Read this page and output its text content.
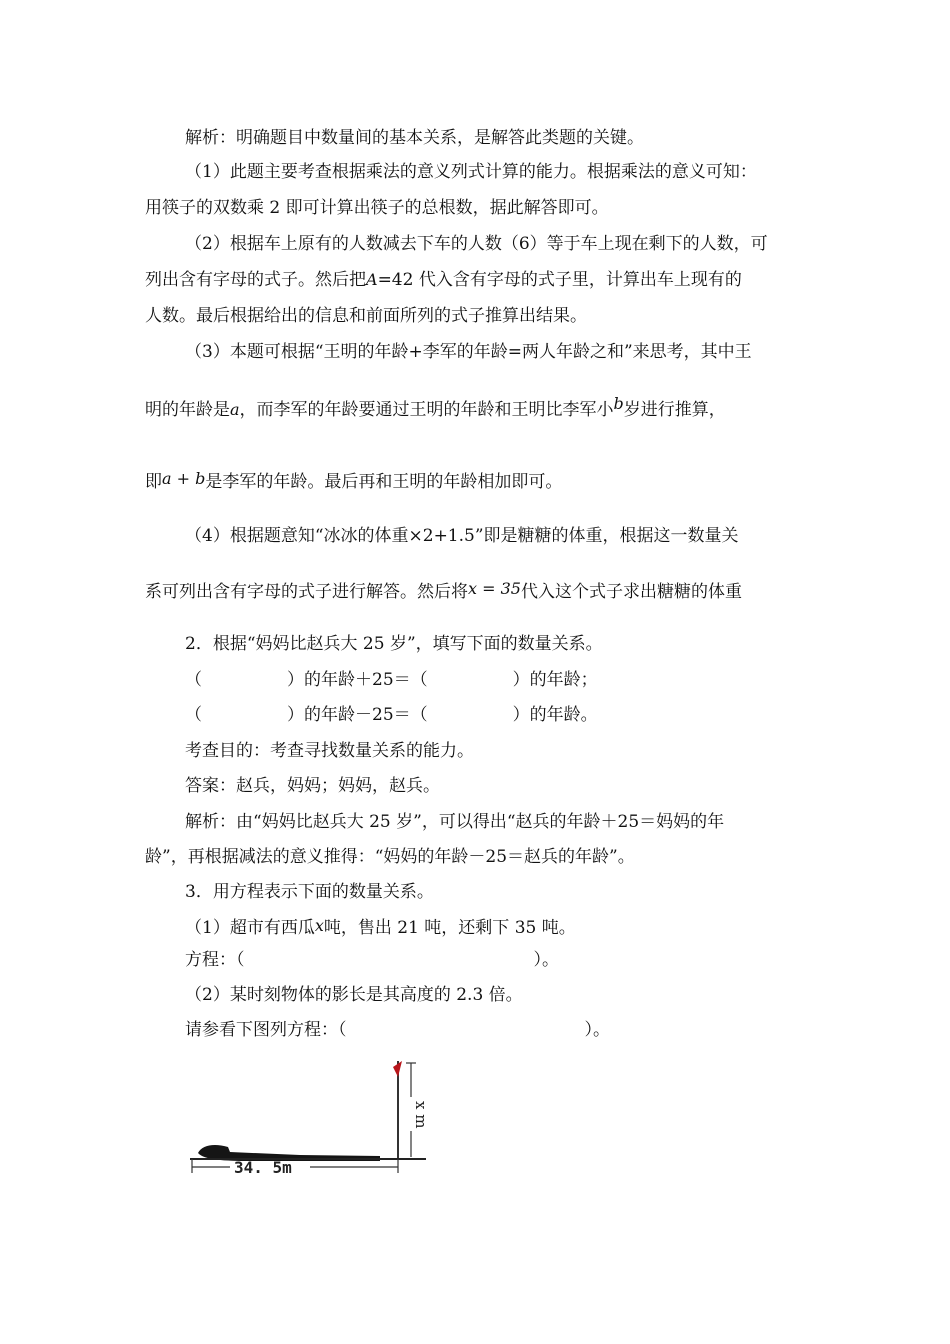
解析：明确题目中数量间的基本关系，是解答此类题的关键。
（1）此题主要考查根据乘法的意义列式计算的能力。根据乘法的意义可知：
用筷子的双数乘 2 即可计算出筷子的总根数，据此解答即可。
（2）根据车上原有的人数减去下车的人数（6）等于车上现在剩下的人数，可
列出含有字母的式子。然后把A=42 代入含有字母的式子里，计算出车上现有的
人数。最后根据给出的信息和前面所列的式子推算出结果。
（3）本题可根据“王明的年龄+李军的年龄=两人年龄之和”来思考，其中王
明的年龄是a，而李军的年龄要通过王明的年龄和王明比李军小b岁进行推算，
即a + b是李军的年龄。最后再和王明的年龄相加即可。
（4）根据题意知“冰冰的体重×2+1.5”即是糖糖的体重，根据这一数量关
系可列出含有字母的式子进行解答。然后将x = 35代入这个式子求出糖糖的体重
2．根据“妈妈比赵兵大 25 岁”，填写下面的数量关系。
（　　　　　）的年龄＋25＝（　　　　　）的年龄；
（　　　　　）的年龄－25＝（　　　　　）的年龄。
考查目的：考查寻找数量关系的能力。
答案：赵兵，妈妈；妈妈，赵兵。
解析：由“妈妈比赵兵大 25 岁”，可以得出“赵兵的年龄＋25＝妈妈的年
龄”，再根据减法的意义推得：“妈妈的年龄－25＝赵兵的年龄”。
3．用方程表示下面的数量关系。
（1）超市有西瓜x吨，售出 21 吨，还剩下 35 吨。
方程：（　　　　　　　　　　　　　　　　　）。
（2）某时刻物体的影长是其高度的 2.3 倍。
请参看下图列方程：（　　　　　　　　　　　　　　）。
x m
34. 5m
